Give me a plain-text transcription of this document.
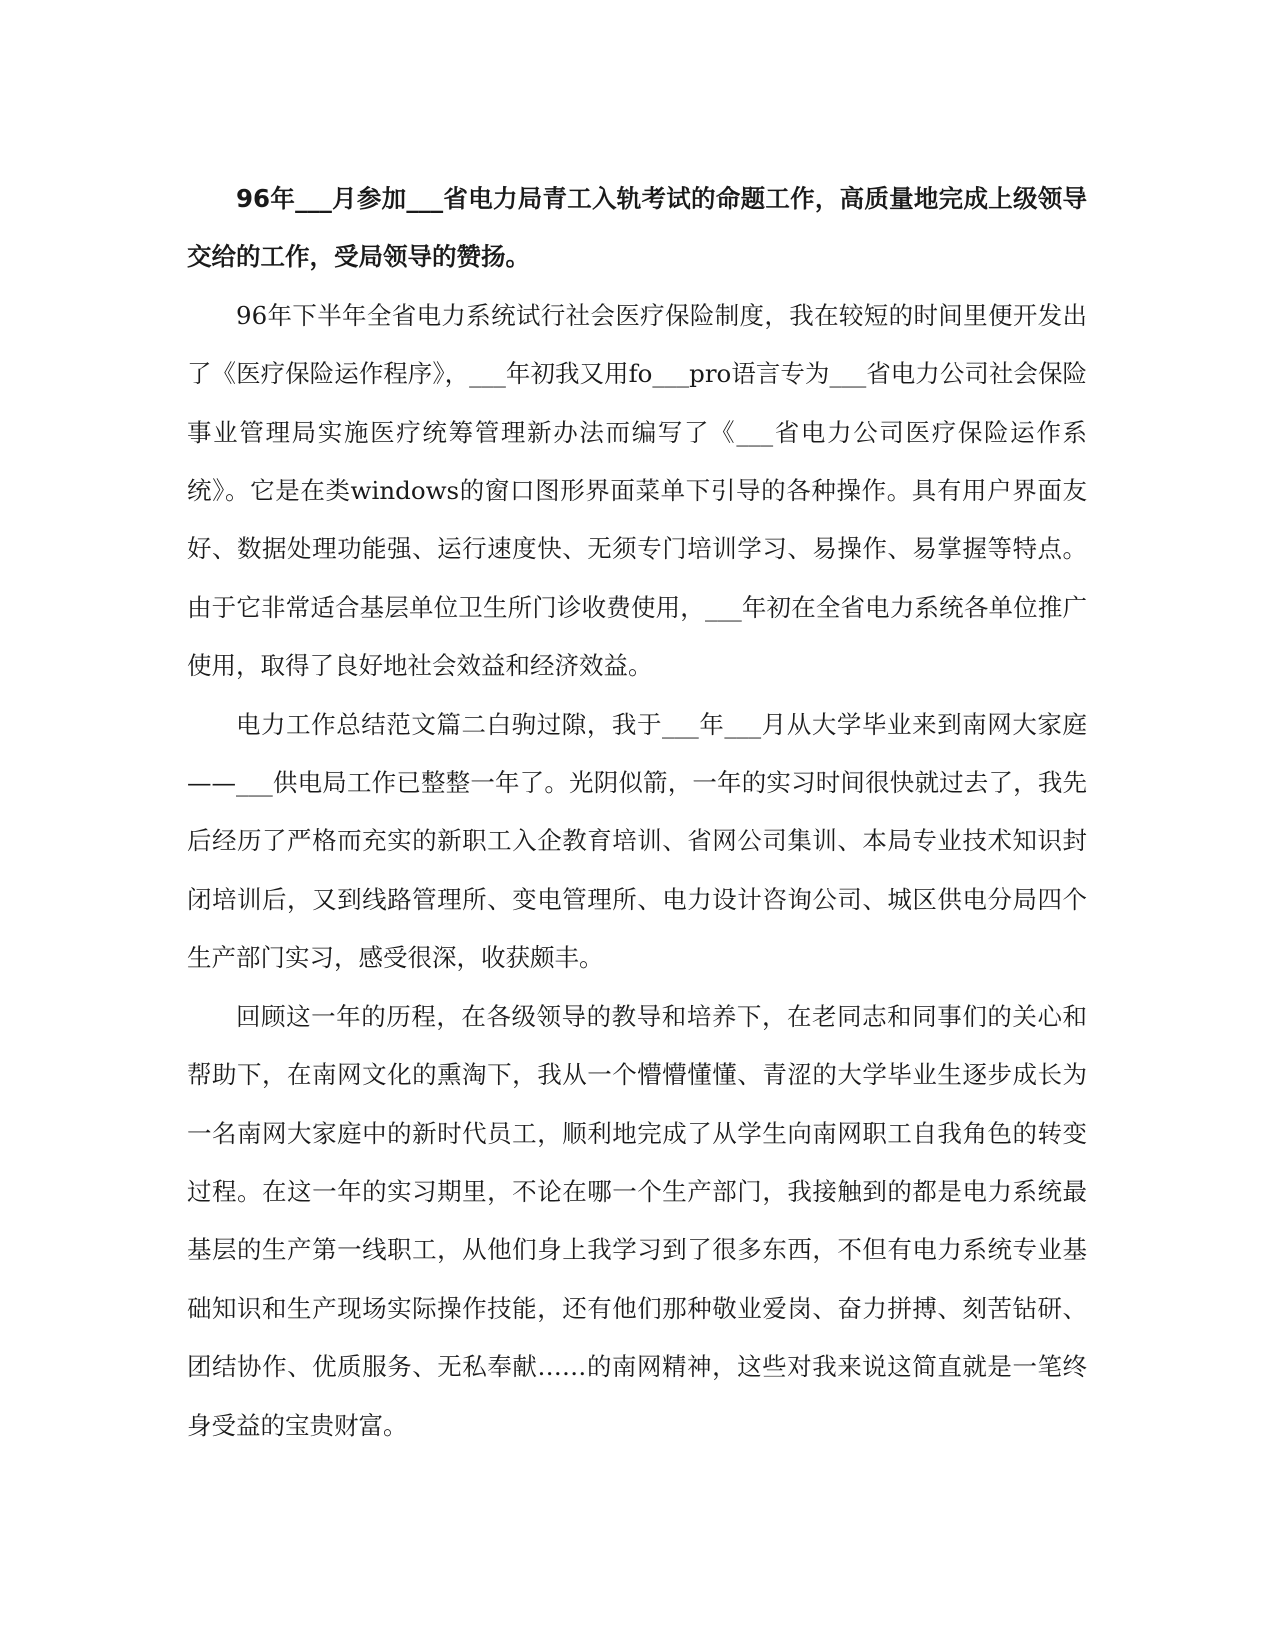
96年___月参加___省电力局青工入轨考试的命题工作，高质量地完成上级领导交给的工作，受局领导的赞扬。

96年下半年全省电力系统试行社会医疗保险制度，我在较短的时间里便开发出了《医疗保险运作程序》，___年初我又用fo___pro语言专为___省电力公司社会保险事业管理局实施医疗统筹管理新办法而编写了《___省电力公司医疗保险运作系统》。它是在类windows的窗口图形界面菜单下引导的各种操作。具有用户界面友好、数据处理功能强、运行速度快、无须专门培训学习、易操作、易掌握等特点。由于它非常适合基层单位卫生所门诊收费使用，___年初在全省电力系统各单位推广使用，取得了良好地社会效益和经济效益。

电力工作总结范文篇二白驹过隙，我于___年___月从大学毕业来到南网大家庭——___供电局工作已整整一年了。光阴似箭，一年的实习时间很快就过去了，我先后经历了严格而充实的新职工入企教育培训、省网公司集训、本局专业技术知识封闭培训后，又到线路管理所、变电管理所、电力设计咨询公司、城区供电分局四个生产部门实习，感受很深，收获颇丰。

回顾这一年的历程，在各级领导的教导和培养下，在老同志和同事们的关心和帮助下，在南网文化的熏淘下，我从一个懵懵懂懂、青涩的大学毕业生逐步成长为一名南网大家庭中的新时代员工，顺利地完成了从学生向南网职工自我角色的转变过程。在这一年的实习期里，不论在哪一个生产部门，我接触到的都是电力系统最基层的生产第一线职工，从他们身上我学习到了很多东西，不但有电力系统专业基础知识和生产现场实际操作技能，还有他们那种敬业爱岗、奋力拼搏、刻苦钻研、团结协作、优质服务、无私奉献……的南网精神，这些对我来说这简直就是一笔终身受益的宝贵财富。
